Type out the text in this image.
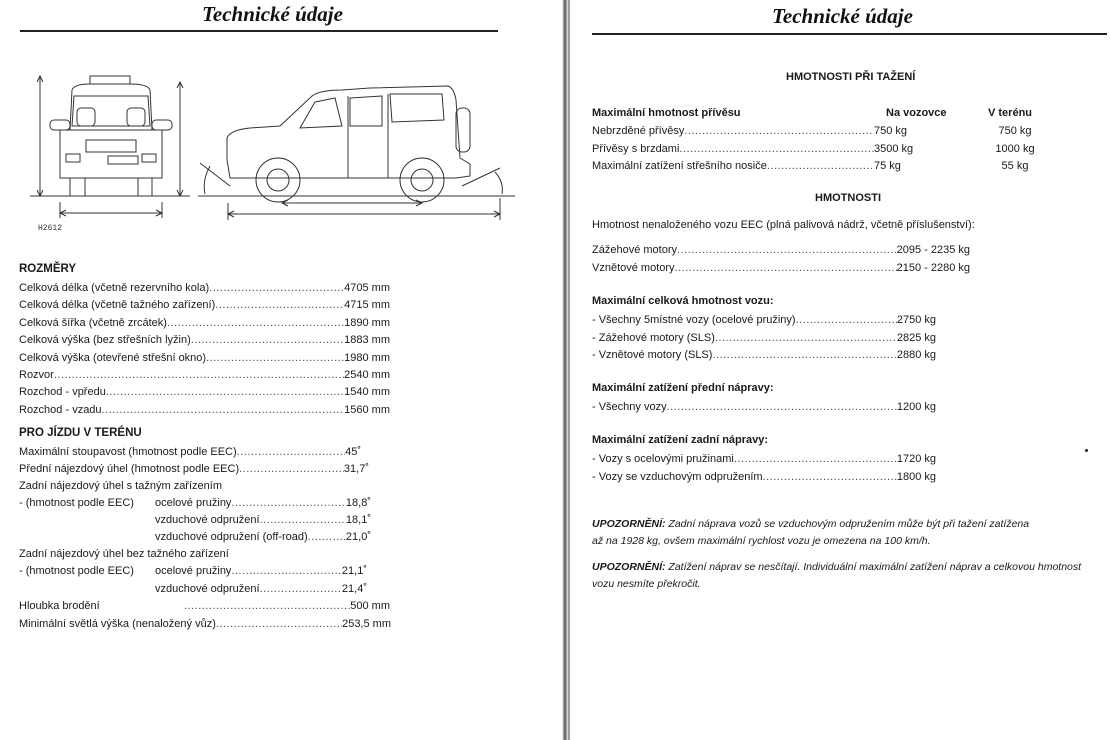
Technické údaje
H2612
ROZMĚRY
Celková délka (včetně rezervního kola) .....	4705 mm
Celková délka (včetně tažného zařízení) .....	4715 mm
Celková šířka (včetně zrcátek) .....	1890 mm
Celková výška (bez střešních lyžin) .....	1883 mm
Celková výška (otevřené střešní okno) .....	1980 mm
Rozvor .....	2540 mm
Rozchod - vpředu .....	1540 mm
Rozchod - vzadu .....	1560 mm
PRO JÍZDU V TERÉNU
Maximální stoupavost (hmotnost podle EEC) .....	45˚
Přední nájezdový úhel (hmotnost podle EEC) .....	31,7˚
Zadní nájezdový úhel s tažným zařízením
- (hmotnost podle EEC) ocelové pružiny .....	18,8˚
vzduchové odpružení .....	18,1˚
vzduchové odpružení (off-road) .....	21,0˚
Zadní nájezdový úhel bez tažného zařízení
- (hmotnost podle EEC) ocelové pružiny .....	21,1˚
vzduchové odpružení .....	21,4˚
Hloubka brodění .....	500 mm
Minimální světlá výška (nenaložený vůz) .....	253,5 mm
Technické údaje
HMOTNOSTI PŘI TAŽENÍ
Maximální hmotnost přívěsu	Na vozovce	V terénu
Nebrzděné přívěsy .....	750 kg	750 kg
Přívěsy s brzdami .....	3500 kg	1000 kg
Maximální zatížení střešního nosiče .....	75 kg	55 kg
HMOTNOSTI
Hmotnost nenaloženého vozu EEC (plná palivová nádrž, včetně příslušenství):
Zážehové motory .....	2095 - 2235 kg
Vznětové motory .....	2150 - 2280 kg
Maximální celková hmotnost vozu:
- Všechny 5místné vozy (ocelové pružiny) .....	2750 kg
- Zážehové motory (SLS) .....	2825 kg
- Vznětové motory (SLS) .....	2880 kg
Maximální zatížení přední nápravy:
- Všechny vozy .....	1200 kg
Maximální zatížení zadní nápravy:
- Vozy s ocelovými pružinami .....	1720 kg
- Vozy se vzduchovým odpružením .....	1800 kg
UPOZORNĚNÍ: Zadní náprava vozů se vzduchovým odpružením může být při tažení zatížena
až na 1928 kg, ovšem maximální rychlost vozu je omezena na 100 km/h.
UPOZORNĚNÍ: Zatížení náprav se nesčítají. Individuální maximální zatížení náprav a celkovou hmotnost
vozu nesmíte překročit.
